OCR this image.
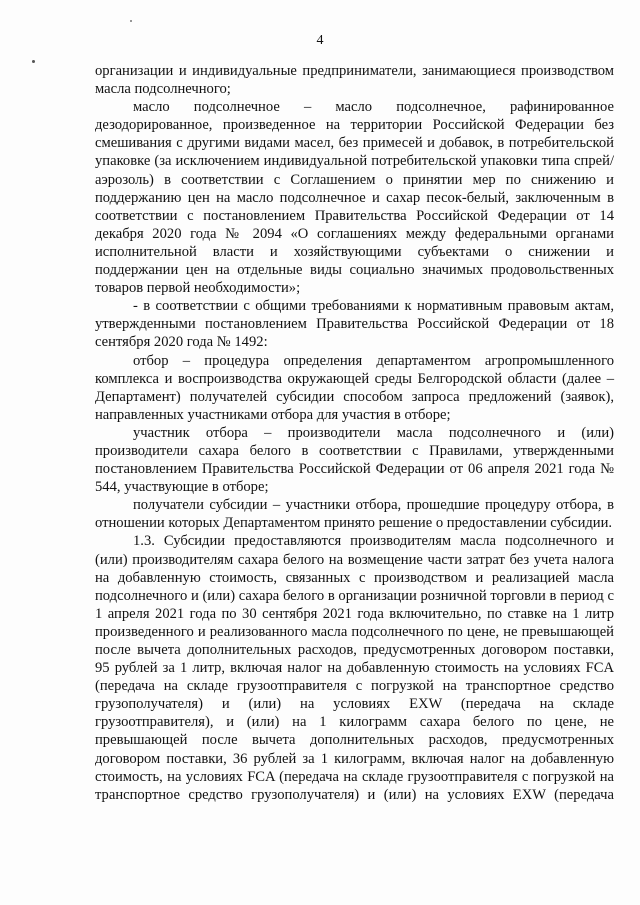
4

организации и индивидуальные предприниматели, занимающиеся производством масла подсолнечного;

масло подсолнечное – масло подсолнечное, рафинированное дезодорированное, произведенное на территории Российской Федерации без смешивания с другими видами масел, без примесей и добавок, в потребительской упаковке (за исключением индивидуальной потребительской упаковки типа спрей/аэрозоль) в соответствии с Соглашением о принятии мер по снижению и поддержанию цен на масло подсолнечное и сахар песок-белый, заключенным в соответствии с постановлением Правительства Российской Федерации от 14 декабря 2020 года № 2094 «О соглашениях между федеральными органами исполнительной власти и хозяйствующими субъектами о снижении и поддержании цен на отдельные виды социально значимых продовольственных товаров первой необходимости»;

- в соответствии с общими требованиями к нормативным правовым актам, утвержденными постановлением Правительства Российской Федерации от 18 сентября 2020 года № 1492:

отбор – процедура определения департаментом агропромышленного комплекса и воспроизводства окружающей среды Белгородской области (далее – Департамент) получателей субсидии способом запроса предложений (заявок), направленных участниками отбора для участия в отборе;

участник отбора – производители масла подсолнечного и (или) производители сахара белого в соответствии с Правилами, утвержденными постановлением Правительства Российской Федерации от 06 апреля 2021 года № 544, участвующие в отборе;

получатели субсидии – участники отбора, прошедшие процедуру отбора, в отношении которых Департаментом принято решение о предоставлении субсидии.

1.3. Субсидии предоставляются производителям масла подсолнечного и (или) производителям сахара белого на возмещение части затрат без учета налога на добавленную стоимость, связанных с производством и реализацией масла подсолнечного и (или) сахара белого в организации розничной торговли в период с 1 апреля 2021 года по 30 сентября 2021 года включительно, по ставке на 1 литр произведенного и реализованного масла подсолнечного по цене, не превышающей после вычета дополнительных расходов, предусмотренных договором поставки, 95 рублей за 1 литр, включая налог на добавленную стоимость на условиях FCA (передача на складе грузоотправителя с погрузкой на транспортное средство грузополучателя) и (или) на условиях EXW (передача на складе грузоотправителя), и (или) на 1 килограмм сахара белого по цене, не превышающей после вычета дополнительных расходов, предусмотренных договором поставки, 36 рублей за 1 килограмм, включая налог на добавленную стоимость, на условиях FCA (передача на складе грузоотправителя с погрузкой на транспортное средство грузополучателя) и (или) на условиях EXW (передача
